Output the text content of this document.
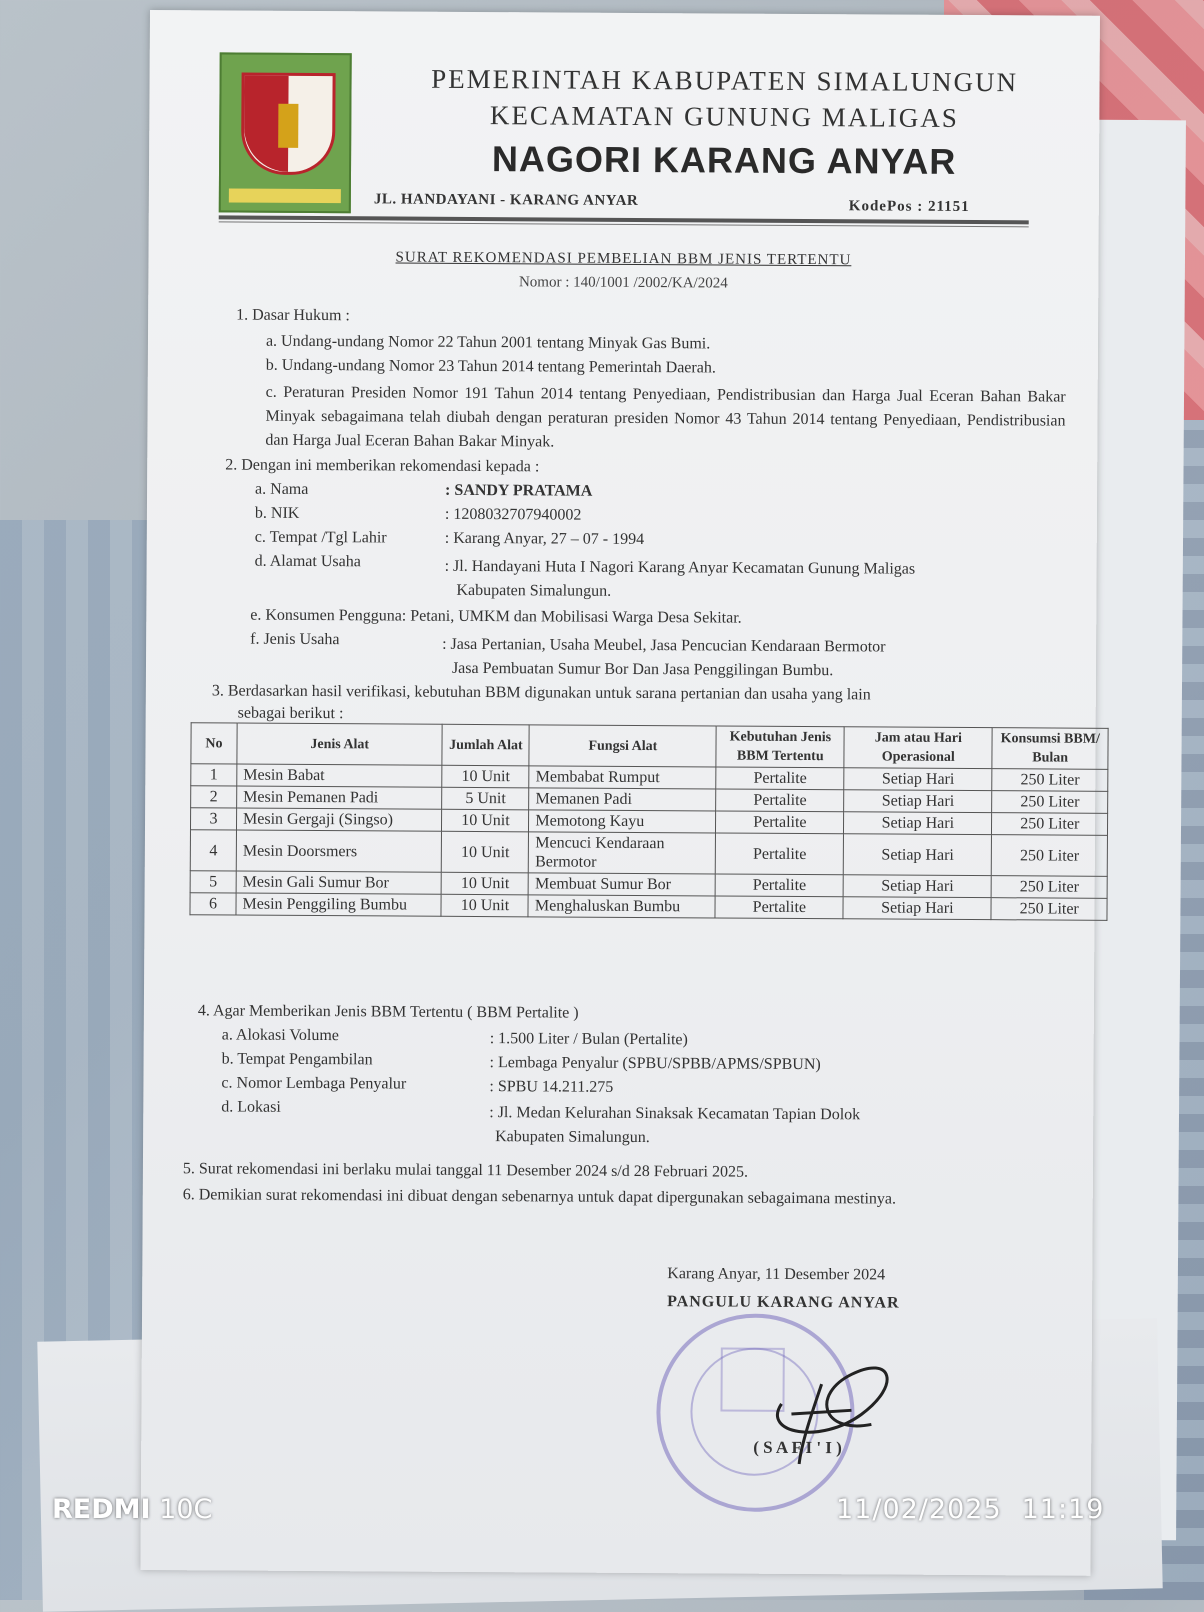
PEMERINTAH KABUPATEN SIMALUNGUN
KECAMATAN GUNUNG MALIGAS
NAGORI KARANG ANYAR
JL. HANDAYANI - KARANG ANYAR	KodePos : 21151
SURAT REKOMENDASI PEMBELIAN BBM JENIS TERTENTU
Nomor : 140/1001 /2002/KA/2024
1. Dasar Hukum :
a. Undang-undang Nomor 22 Tahun 2001 tentang Minyak Gas Bumi.
b. Undang-undang Nomor 23 Tahun 2014 tentang Pemerintah Daerah.
c. Peraturan Presiden Nomor 191 Tahun 2014 tentang Penyediaan, Pendistribusian dan Harga Jual Eceran Bahan Bakar Minyak sebagaimana telah diubah dengan peraturan presiden Nomor 43 Tahun 2014 tentang Penyediaan, Pendistribusian dan Harga Jual Eceran Bahan Bakar Minyak.
2. Dengan ini memberikan rekomendasi kepada :
a. Nama	: SANDY PRATAMA
b. NIK	: 1208032707940002
c. Tempat /Tgl Lahir	: Karang Anyar, 27 – 07 - 1994
d. Alamat Usaha	: Jl. Handayani Huta I Nagori Karang Anyar Kecamatan Gunung Maligas
Kabupaten Simalungun.
e. Konsumen Pengguna: Petani, UMKM dan Mobilisasi Warga Desa Sekitar.
f. Jenis Usaha	: Jasa Pertanian, Usaha Meubel, Jasa Pencucian Kendaraan Bermotor
Jasa Pembuatan Sumur Bor Dan Jasa Penggilingan Bumbu.
3. Berdasarkan hasil verifikasi, kebutuhan BBM digunakan untuk sarana pertanian dan usaha yang lain
sebagai berikut :
No	Jenis Alat	Jumlah Alat	Fungsi Alat	Kebutuhan Jenis BBM Tertentu	Jam atau Hari Operasional	Konsumsi BBM/ Bulan
1	Mesin Babat	10 Unit	Membabat Rumput	Pertalite	Setiap Hari	250 Liter
2	Mesin Pemanen Padi	5 Unit	Memanen Padi	Pertalite	Setiap Hari	250 Liter
3	Mesin Gergaji (Singso)	10 Unit	Memotong Kayu	Pertalite	Setiap Hari	250 Liter
4	Mesin Doorsmers	10 Unit	Mencuci Kendaraan Bermotor	Pertalite	Setiap Hari	250 Liter
5	Mesin Gali Sumur Bor	10 Unit	Membuat Sumur Bor	Pertalite	Setiap Hari	250 Liter
6	Mesin Penggiling Bumbu	10 Unit	Menghaluskan Bumbu	Pertalite	Setiap Hari	250 Liter
4. Agar Memberikan Jenis BBM Tertentu ( BBM Pertalite )
a. Alokasi Volume	: 1.500 Liter / Bulan (Pertalite)
b. Tempat Pengambilan	: Lembaga Penyalur (SPBU/SPBB/APMS/SPBUN)
c. Nomor Lembaga Penyalur	: SPBU 14.211.275
d. Lokasi	: Jl. Medan Kelurahan Sinaksak Kecamatan Tapian Dolok
Kabupaten Simalungun.
5. Surat rekomendasi ini berlaku mulai tanggal 11 Desember 2024 s/d 28 Februari 2025.
6. Demikian surat rekomendasi ini dibuat dengan sebenarnya untuk dapat dipergunakan sebagaimana mestinya.
Karang Anyar, 11 Desember 2024
PANGULU KARANG ANYAR
( S A F I ' I )
REDMI 10C	11/02/2025 11:19
